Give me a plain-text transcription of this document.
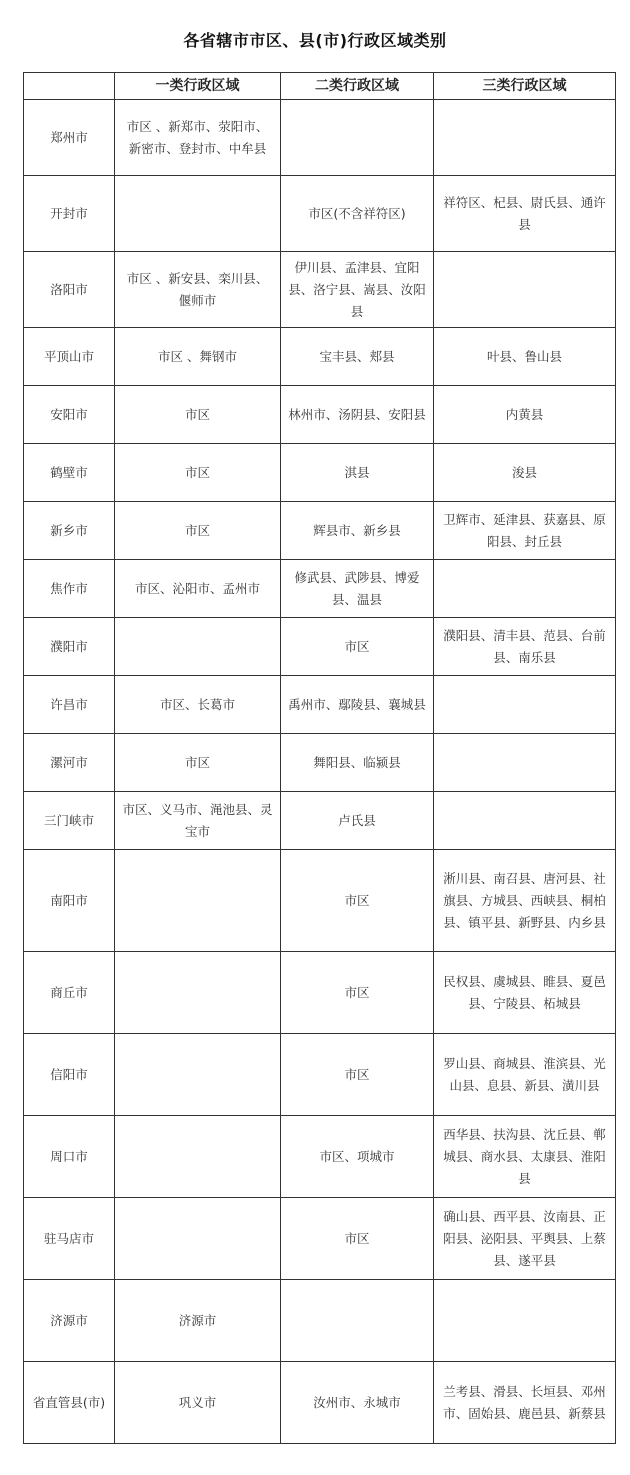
各省辖市市区、县(市)行政区域类别
	一类行政区域	二类行政区域	三类行政区域
郑州市	市区 、新郑市、荥阳市、新密市、登封市、中牟县		
开封市		市区(不含祥符区)	祥符区、杞县、尉氏县、通许县
洛阳市	市区 、新安县、栾川县、偃师市	伊川县、孟津县、宜阳县、洛宁县、嵩县、汝阳县	
平顶山市	市区 、舞钢市	宝丰县、郏县	叶县、鲁山县
安阳市	市区	林州市、汤阴县、安阳县	内黄县
鹤壁市	市区	淇县	浚县
新乡市	市区	辉县市、新乡县	卫辉市、延津县、获嘉县、原阳县、封丘县
焦作市	市区、沁阳市、孟州市	修武县、武陟县、博爱县、温县	
濮阳市		市区	濮阳县、清丰县、范县、台前县、南乐县
许昌市	市区、长葛市	禹州市、鄢陵县、襄城县	
漯河市	市区	舞阳县、临颍县	
三门峡市	市区、义马市、渑池县、灵宝市	卢氏县	
南阳市		市区	淅川县、南召县、唐河县、社旗县、方城县、西峡县、桐柏县、镇平县、新野县、内乡县
商丘市		市区	民权县、虞城县、睢县、夏邑县、宁陵县、柘城县
信阳市		市区	罗山县、商城县、淮滨县、光山县、息县、新县、潢川县
周口市		市区、项城市	西华县、扶沟县、沈丘县、郸城县、商水县、太康县、淮阳县
驻马店市		市区	确山县、西平县、汝南县、正阳县、泌阳县、平舆县、上蔡县、遂平县
济源市	济源市		
省直管县(市)	巩义市	汝州市、永城市	兰考县、滑县、长垣县、邓州市、固始县、鹿邑县、新蔡县
